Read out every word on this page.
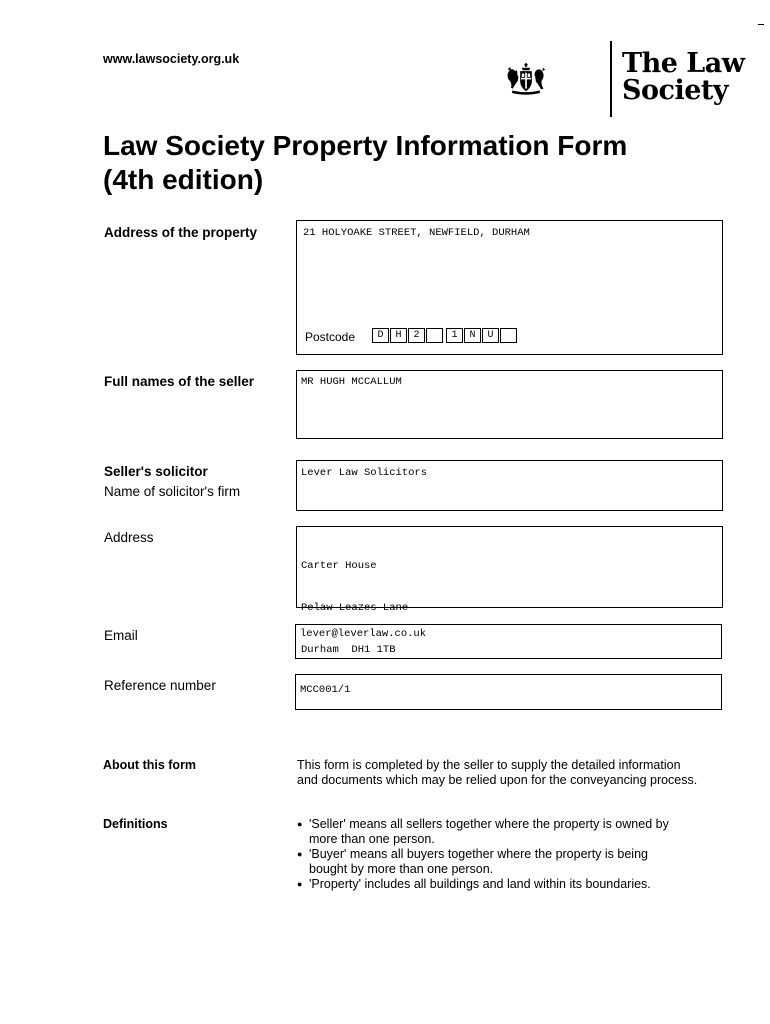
www.lawsociety.org.uk	The Law
Society
Law Society Property Information Form
(4th edition)
Address of the property	21 HOLYOAKE STREET, NEWFIELD, DURHAM
Postcode D H 2	1 N U
Full names of the seller	MR HUGH MCCALLUM
Seller's solicitor
Name of solicitor's firm
Lever Law Solicitors
Address

Carter House

Pelaw Leazes Lane

Durham  DH1 1TB

Email	lever@leverlaw.co.uk
Reference number	MCC001/1
About this form	This form is completed by the seller to supply the detailed information
and documents which may be relied upon for the conveyancing process.
Definitions
●	'Seller' means all sellers together where the property is owned by
more than one person.
● 'Buyer' means all buyers together where the property is being
bought by more than one person.
● 'Property' includes all buildings and land within its boundaries.
